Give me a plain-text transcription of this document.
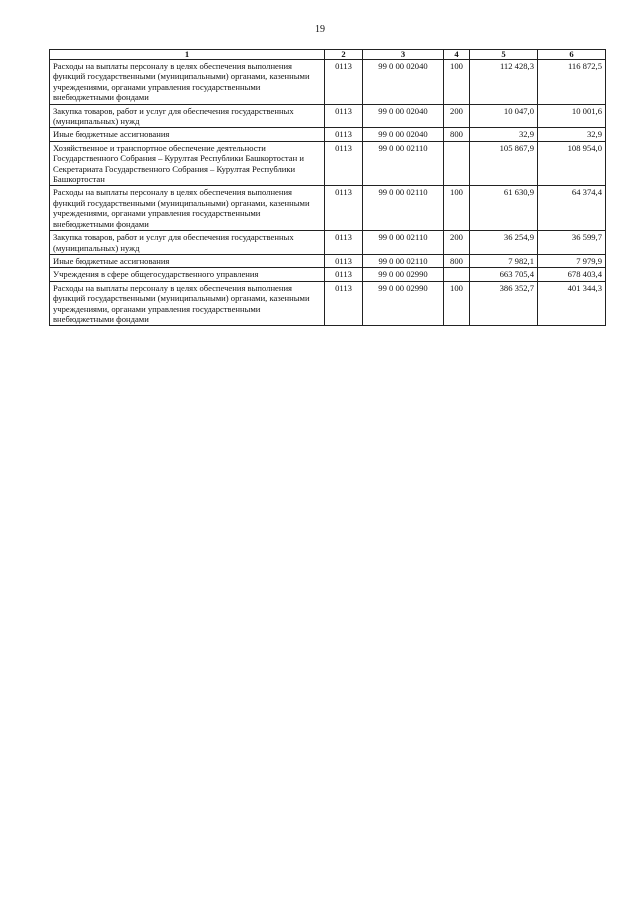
19
1	2	3	4	5	6
Расходы на выплаты персоналу в целях обеспечения выполнения функций государственными (муниципальными) органами, казенными учреждениями, органами управления государственными внебюджетными фондами	0113	99 0 00 02040	100	112 428,3	116 872,5
Закупка товаров, работ и услуг для обеспечения государственных (муниципальных) нужд	0113	99 0 00 02040	200	10 047,0	10 001,6
Иные бюджетные ассигнования	0113	99 0 00 02040	800	32,9	32,9
Хозяйственное и транспортное обеспечение деятельности Государственного Собрания – Курултая Республики Башкортостан и Секретариата Государственного Собрания – Курултая Республики Башкортостан	0113	99 0 00 02110		105 867,9	108 954,0
Расходы на выплаты персоналу в целях обеспечения выполнения функций государственными (муниципальными) органами, казенными учреждениями, органами управления государственными внебюджетными фондами	0113	99 0 00 02110	100	61 630,9	64 374,4
Закупка товаров, работ и услуг для обеспечения государственных (муниципальных) нужд	0113	99 0 00 02110	200	36 254,9	36 599,7
Иные бюджетные ассигнования	0113	99 0 00 02110	800	7 982,1	7 979,9
Учреждения в сфере общегосударственного управления	0113	99 0 00 02990		663 705,4	678 403,4
Расходы на выплаты персоналу в целях обеспечения выполнения функций государственными (муниципальными) органами, казенными учреждениями, органами управления государственными внебюджетными фондами	0113	99 0 00 02990	100	386 352,7	401 344,3
